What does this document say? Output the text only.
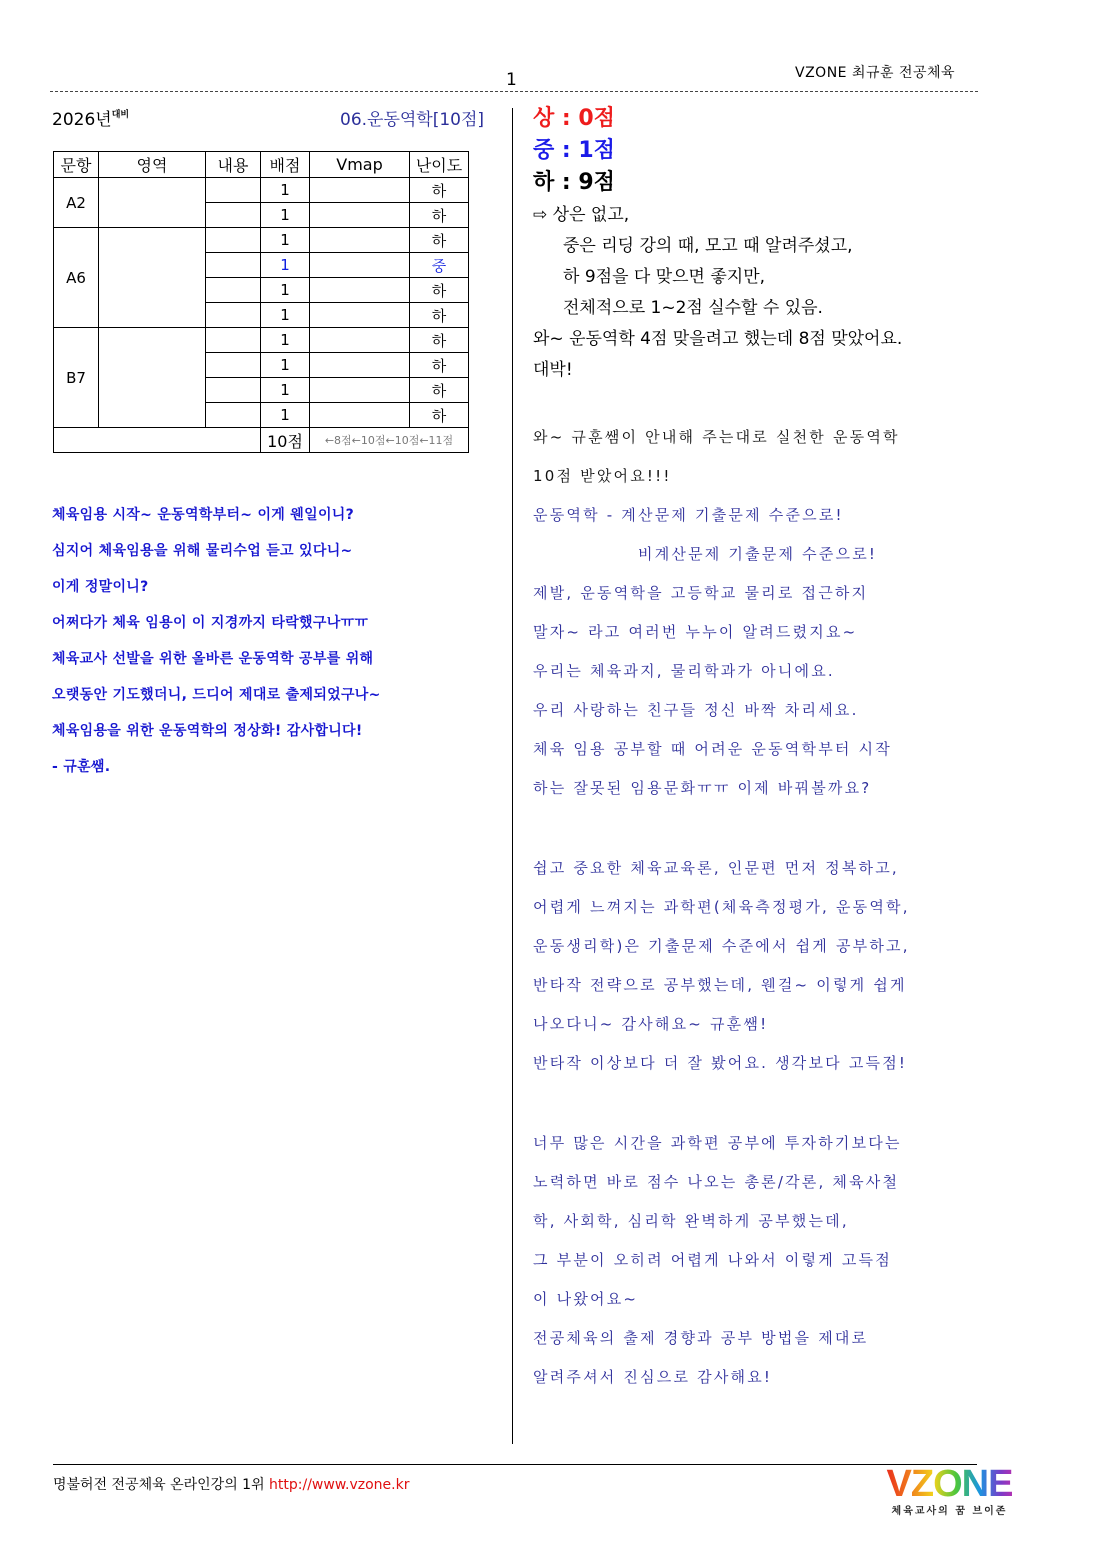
1	VZONE 최규훈 전공체육
2026년$^{대비}$	06.운동역학[10점]
문항	영역	내용	배점	Vmap	난이도
A2			1		하
			1		하
A6			1		하
			1		중
			1		하
			1		하
B7			1		하
			1		하
			1		하
			1		하
			10점	←8점←10점←10점←11점	
체육임용 시작~ 운동역학부터~ 이게 웬일이니?
심지어 체육임용을 위해 물리수업 듣고 있다니~
이게 정말이니?
어쩌다가 체육 임용이 이 지경까지 타락했구나ㅠㅠ
체육교사 선발을 위한 올바른 운동역학 공부를 위해
오랫동안 기도했더니, 드디어 제대로 출제되었구나~
체육임용을 위한 운동역학의 정상화! 감사합니다!
- 규훈쌤.
상 : 0점
중 : 1점
하 : 9점
⇨ 상은 없고,
중은 리딩 강의 때, 모고 때 알려주셨고,
하 9점을 다 맞으면 좋지만,
전체적으로 1~2점 실수할 수 있음.
와~ 운동역학 4점 맞을려고 했는데 8점 맞았어요.
대박!
와~ 규훈쌤이 안내해 주는대로 실천한 운동역학
10점 받았어요!!!
운동역학 - 계산문제 기출문제 수준으로!
비계산문제 기출문제 수준으로!
제발, 운동역학을 고등학교 물리로 접근하지
말자~ 라고 여러번 누누이 알려드렸지요~
우리는 체육과지, 물리학과가 아니에요.
우리 사랑하는 친구들 정신 바짝 차리세요.
체육 임용 공부할 때 어려운 운동역학부터 시작
하는 잘못된 임용문화ㅠㅠ 이제 바꿔볼까요?
쉽고 중요한 체육교육론, 인문편 먼저 정복하고,
어렵게 느껴지는 과학편(체육측정평가, 운동역학,
운동생리학)은 기출문제 수준에서 쉽게 공부하고,
반타작 전략으로 공부했는데, 웬걸~ 이렇게 쉽게
나오다니~ 감사해요~ 규훈쌤!
반타작 이상보다 더 잘 봤어요. 생각보다 고득점!
너무 많은 시간을 과학편 공부에 투자하기보다는
노력하면 바로 점수 나오는 총론/각론, 체육사철
학, 사회학, 심리학 완벽하게 공부했는데,
그 부분이 오히려 어렵게 나와서 이렇게 고득점
이 나왔어요~
전공체육의 출제 경향과 공부 방법을 제대로
알려주셔서 진심으로 감사해요!
명불허전 전공체육 온라인강의 1위 http://www.vzone.kr	VZONE
체육교사의 꿈 브이존
